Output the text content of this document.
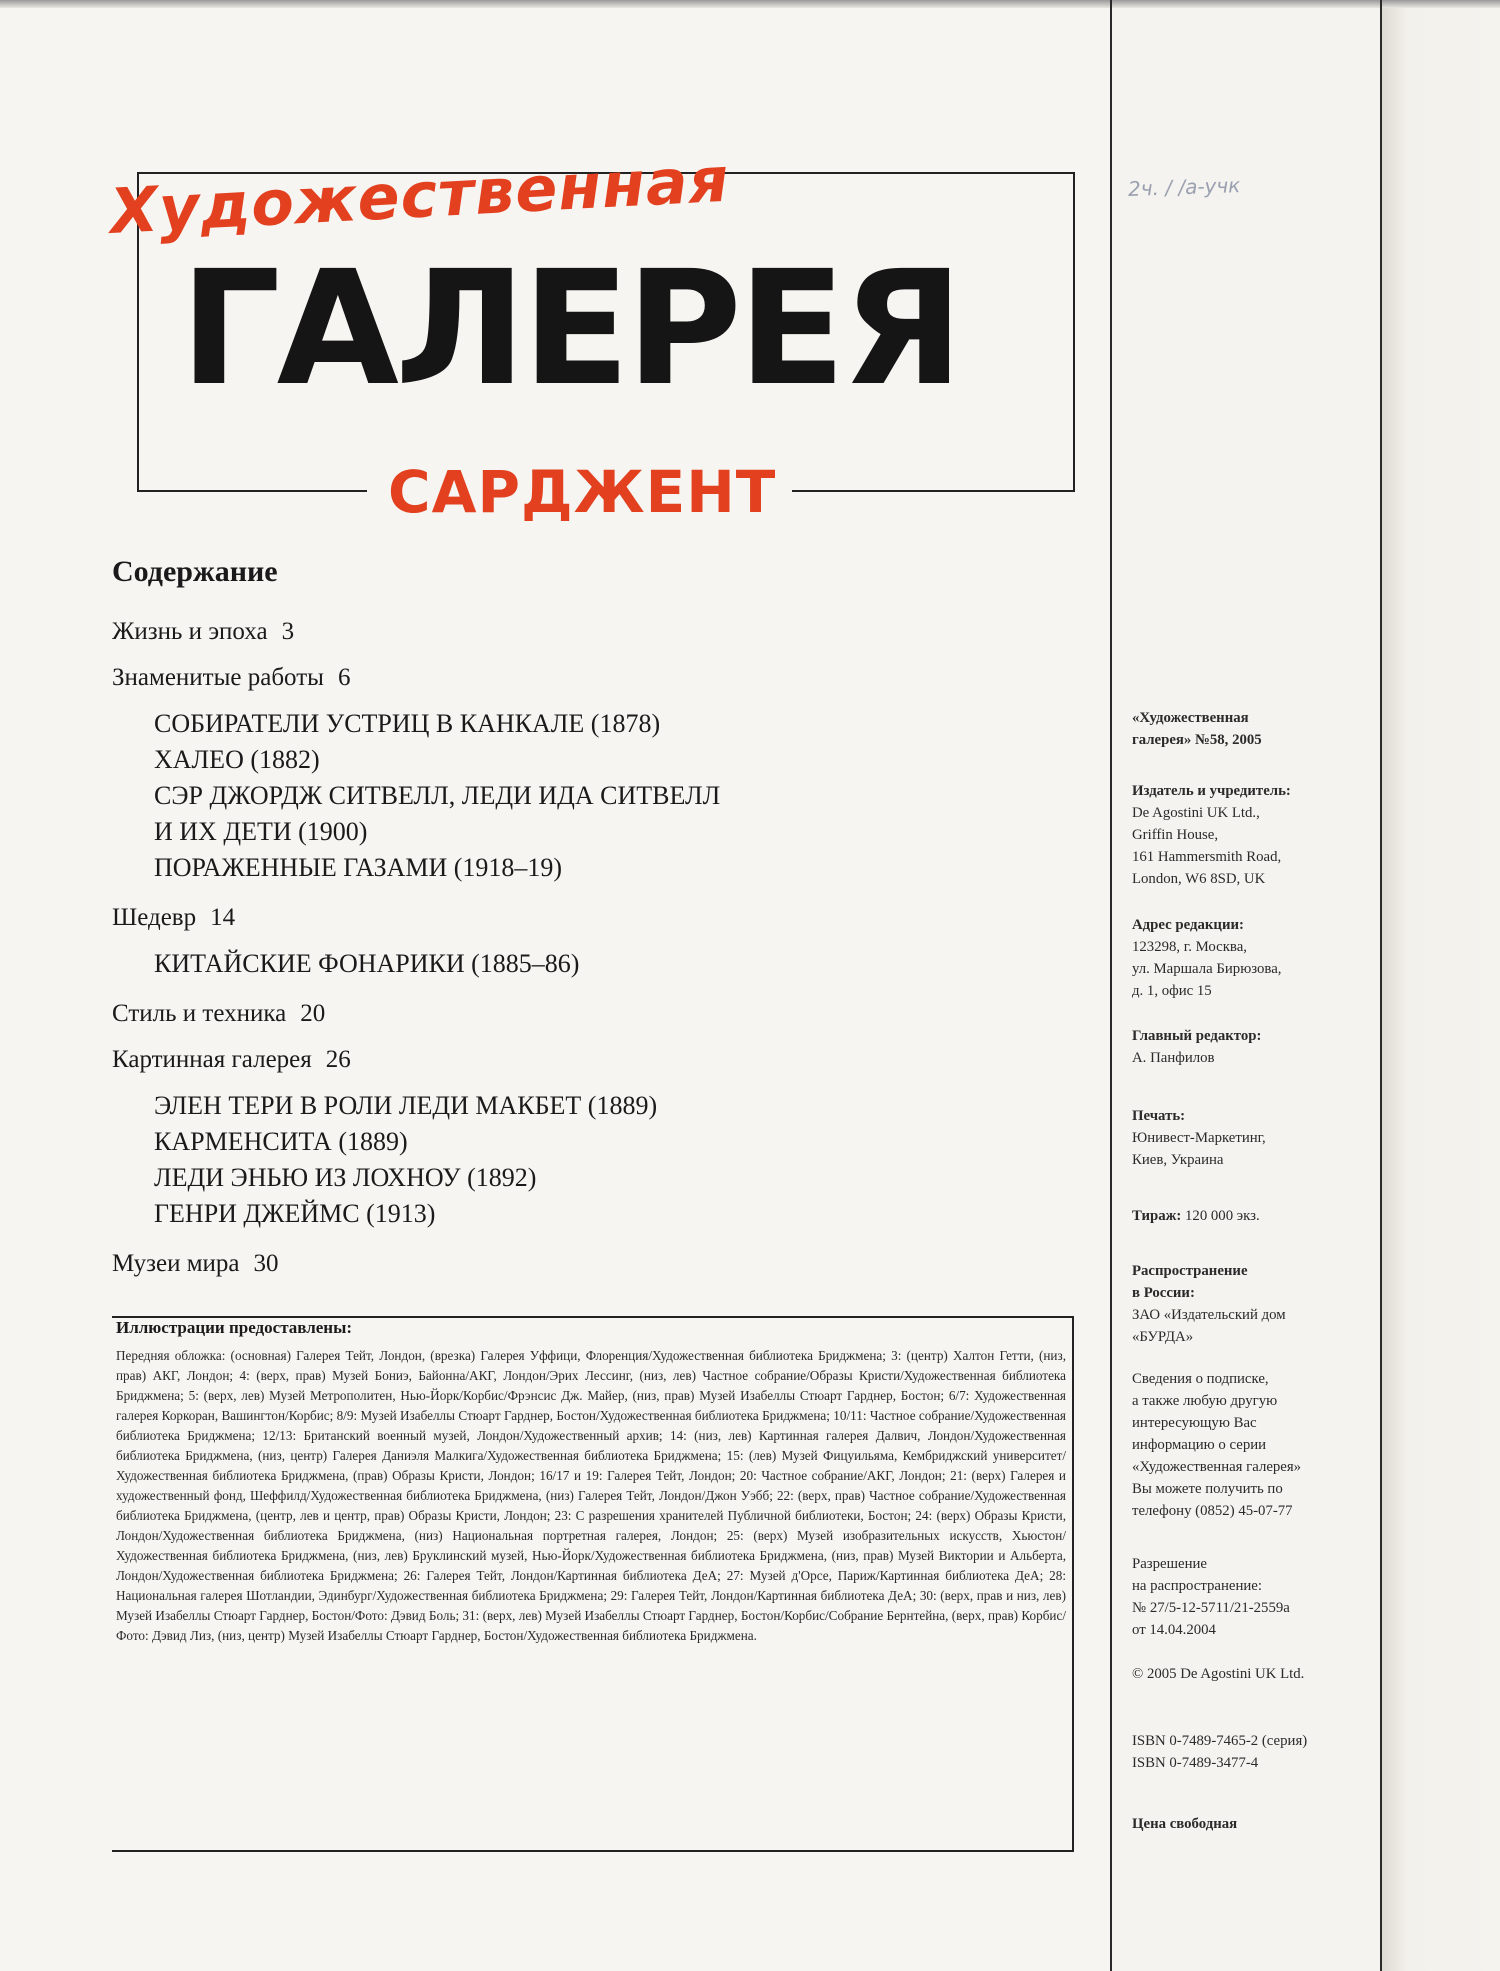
Художественная
ГАЛЕРЕЯ
САРДЖЕНТ
2ч. / /а-учк
Содержание
Жизнь и эпоха 3
Знаменитые работы 6
СОБИРАТЕЛИ УСТРИЦ В КАНКАЛЕ (1878)
ХАЛЕО (1882)
СЭР ДЖОРДЖ СИТВЕЛЛ, ЛЕДИ ИДА СИТВЕЛЛ
И ИХ ДЕТИ (1900)
ПОРАЖЕННЫЕ ГАЗАМИ (1918–19)
Шедевр 14
КИТАЙСКИЕ ФОНАРИКИ (1885–86)
Стиль и техника 20
Картинная галерея 26
ЭЛЕН ТЕРИ В РОЛИ ЛЕДИ МАКБЕТ (1889)
КАРМЕНСИТА (1889)
ЛЕДИ ЭНЬЮ ИЗ ЛОХНОУ (1892)
ГЕНРИ ДЖЕЙМС (1913)
Музеи мира 30
Иллюстрации предоставлены:
Передняя обложка: (основная) Галерея Тейт, Лондон, (врезка) Галерея Уффици, Флоренция/Художественная библиотека Бриджмена; 3: (центр) Халтон Гетти, (низ, прав) АКГ, Лондон; 4: (верх, прав) Музей Бониэ, Байонна/АКГ, Лондон/Эрих Лессинг, (низ, лев) Частное собрание/Образы Кристи/Художественная библиотека Бриджмена; 5: (верх, лев) Музей Метрополитен, Нью-Йорк/Корбис/Фрэнсис Дж. Майер, (низ, прав) Музей Изабеллы Стюарт Гарднер, Бостон; 6/7: Художественная галерея Коркоран, Вашингтон/Корбис; 8/9: Музей Изабеллы Стюарт Гарднер, Бостон/Художественная библиотека Бриджмена; 10/11: Частное собрание/Художественная библиотека Бриджмена; 12/13: Британский военный музей, Лондон/Художественный архив; 14: (низ, лев) Картинная галерея Далвич, Лондон/Художественная библиотека Бриджмена, (низ, центр) Галерея Даниэля Малкига/Художественная библиотека Бриджмена; 15: (лев) Музей Фицуильяма, Кембриджский университет/Художественная библиотека Бриджмена, (прав) Образы Кристи, Лондон; 16/17 и 19: Галерея Тейт, Лондон; 20: Частное собрание/АКГ, Лондон; 21: (верх) Галерея и художественный фонд, Шеффилд/Художественная библиотека Бриджмена, (низ) Галерея Тейт, Лондон/Джон Уэбб; 22: (верх, прав) Частное собрание/Художественная библиотека Бриджмена, (центр, лев и центр, прав) Образы Кристи, Лондон; 23: С разрешения хранителей Публичной библиотеки, Бостон; 24: (верх) Образы Кристи, Лондон/Художественная библиотека Бриджмена, (низ) Национальная портретная галерея, Лондон; 25: (верх) Музей изобразительных искусств, Хьюстон/Художественная библиотека Бриджмена, (низ, лев) Бруклинский музей, Нью-Йорк/Художественная библиотека Бриджмена, (низ, прав) Музей Виктории и Альберта, Лондон/Художественная библиотека Бриджмена; 26: Галерея Тейт, Лондон/Картинная библиотека ДеА; 27: Музей д'Орсе, Париж/Картинная библиотека ДеА; 28: Национальная галерея Шотландии, Эдинбург/Художественная библиотека Бриджмена; 29: Галерея Тейт, Лондон/Картинная библиотека ДеА; 30: (верх, прав и низ, лев) Музей Изабеллы Стюарт Гарднер, Бостон/Фото: Дэвид Боль; 31: (верх, лев) Музей Изабеллы Стюарт Гарднер, Бостон/Корбис/Собрание Бернтейна, (верх, прав) Корбис/Фото: Дэвид Лиз, (низ, центр) Музей Изабеллы Стюарт Гарднер, Бостон/Художественная библиотека Бриджмена.
«Художественная
галерея» №58, 2005
Издатель и учредитель:
De Agostini UK Ltd.,
Griffin House,
161 Hammersmith Road,
London, W6 8SD, UK
Адрес редакции:
123298, г. Москва,
ул. Маршала Бирюзова,
д. 1, офис 15
Главный редактор:
А. Панфилов
Печать:
Юнивест-Маркетинг,
Киев, Украина
Тираж: 120 000 экз.
Распространение
в России:
ЗАО «Издательский дом
«БУРДА»
Сведения о подписке,
а также любую другую
интересующую Вас
информацию о серии
«Художественная галерея»
Вы можете получить по
телефону (0852) 45-07-77
Разрешение
на распространение:
№ 27/5-12-5711/21-2559а
от 14.04.2004
© 2005 De Agostini UK Ltd.
ISBN 0-7489-7465-2 (серия)
ISBN 0-7489-3477-4
Цена свободная
